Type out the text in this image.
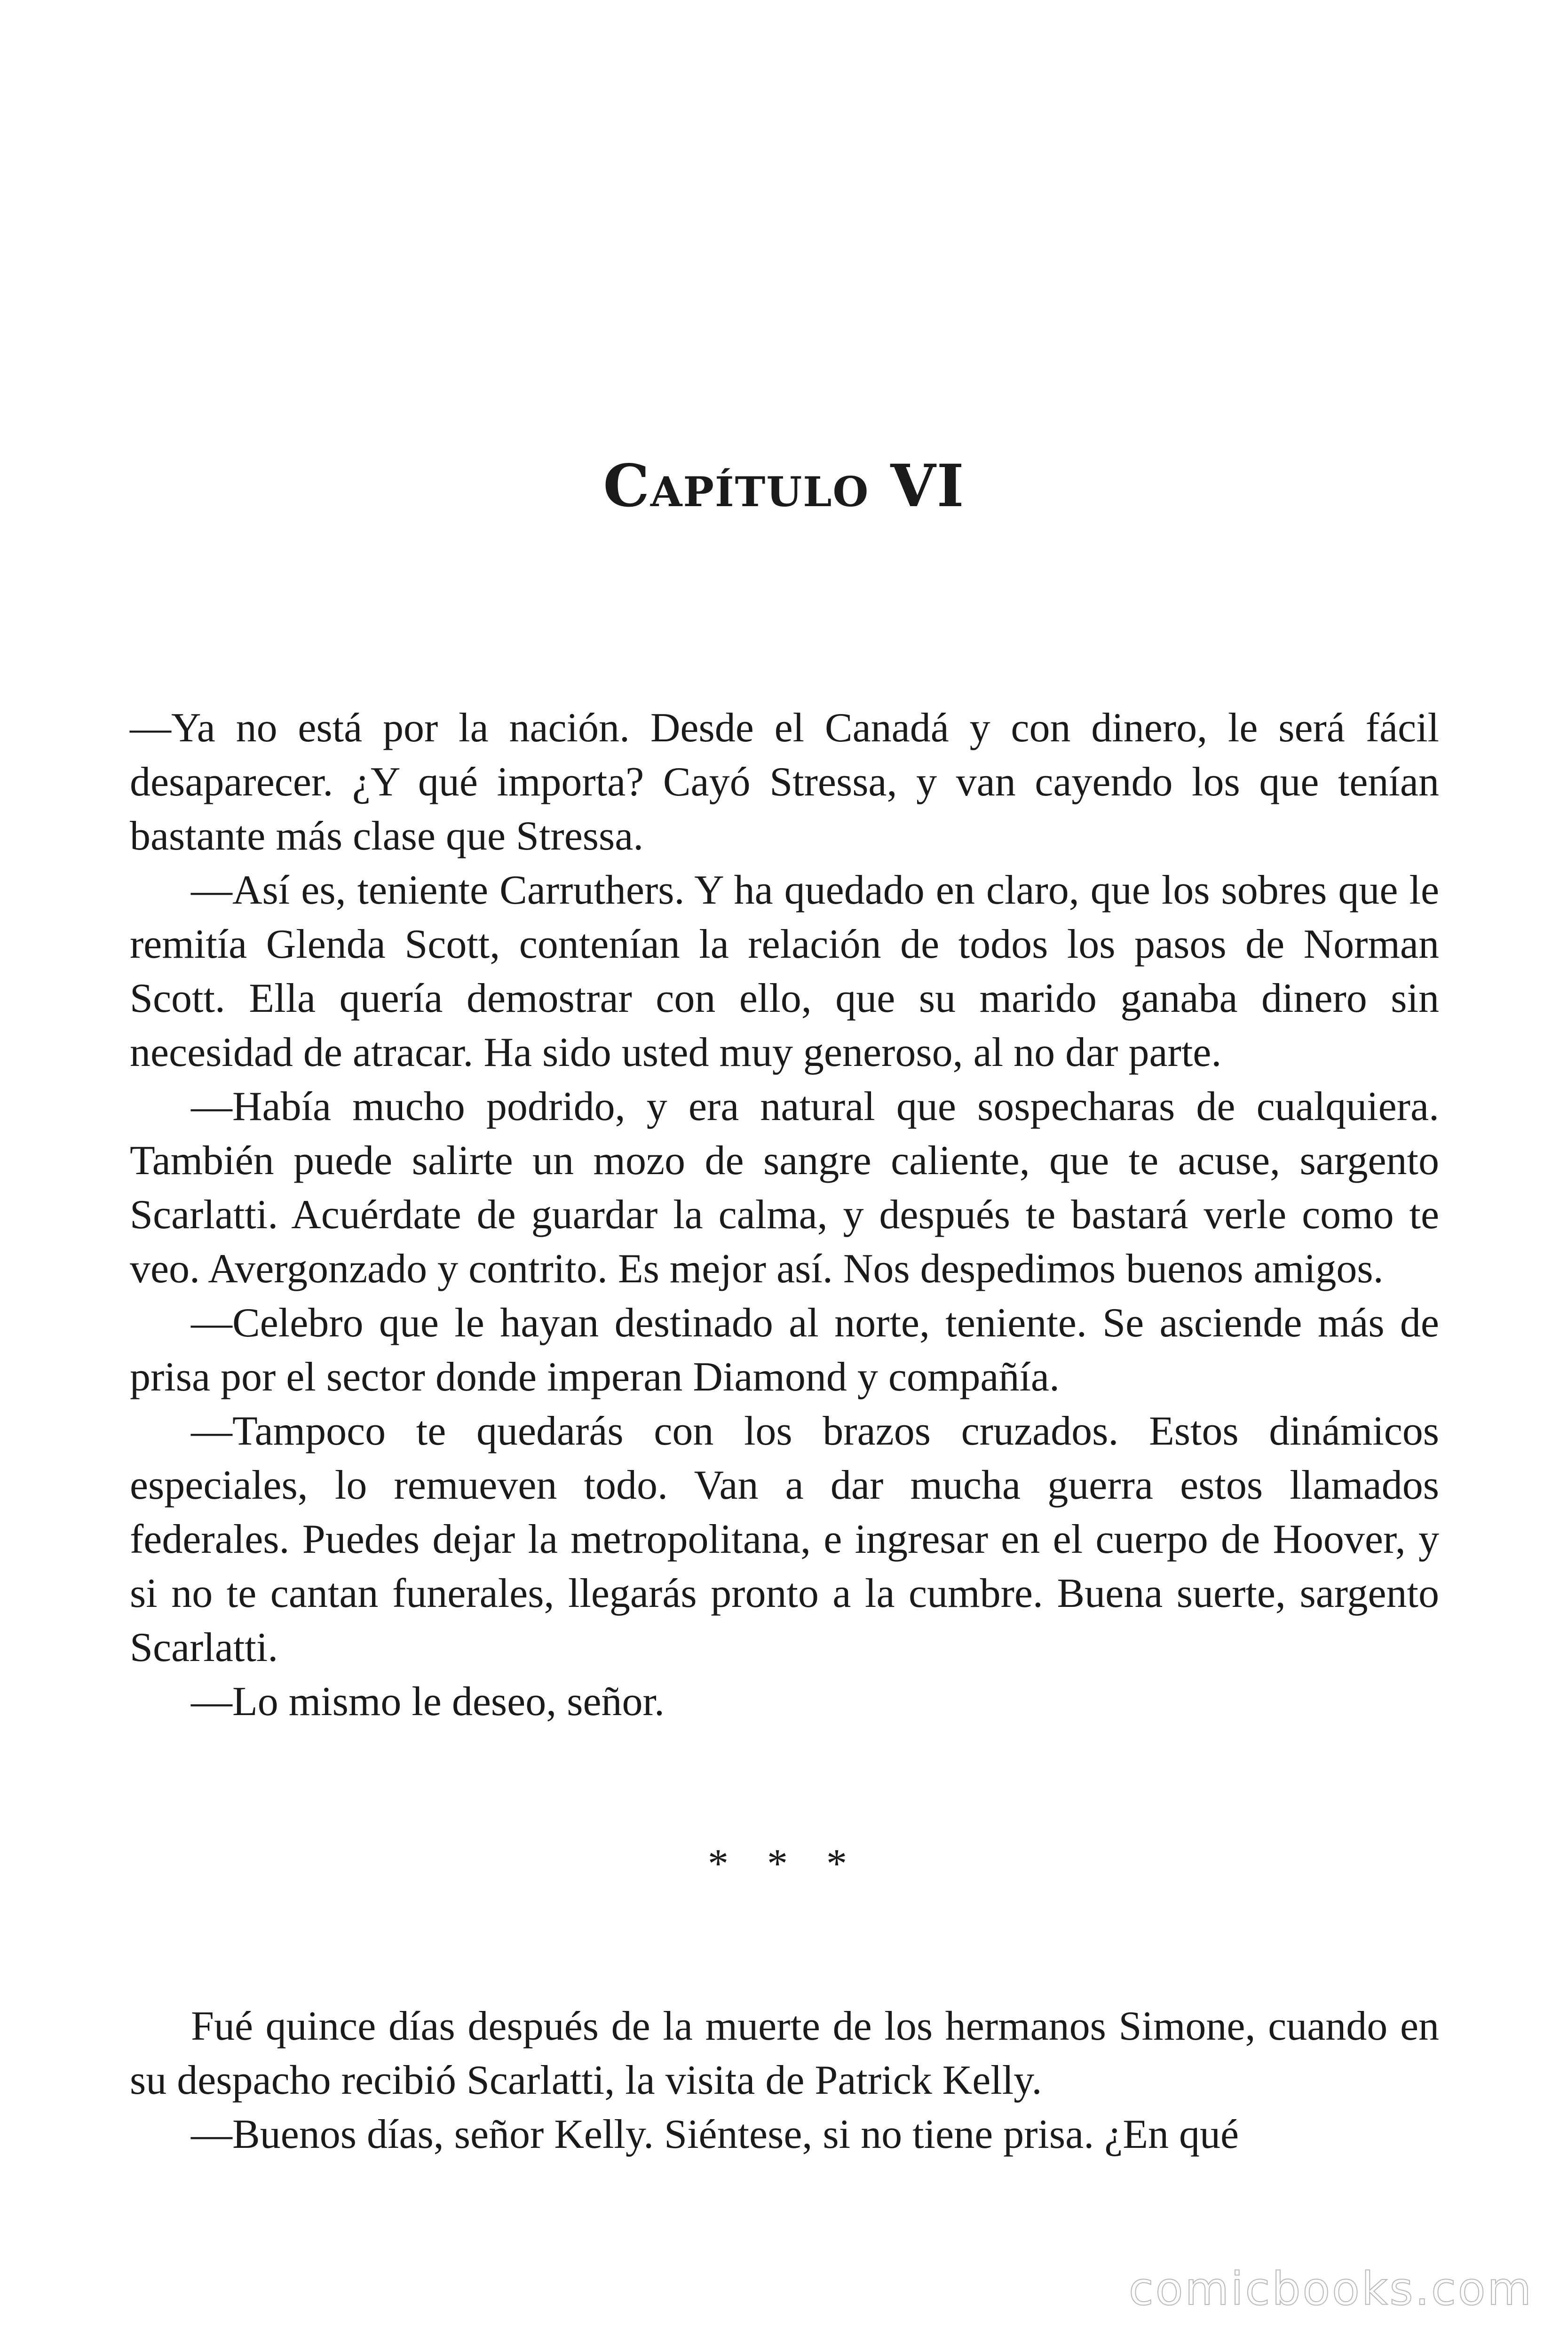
Capítulo VI

—Ya no está por la nación. Desde el Canadá y con dinero, le será fácil desaparecer. ¿Y qué importa? Cayó Stressa, y van cayendo los que tenían bastante más clase que Stressa.

—Así es, teniente Carruthers. Y ha quedado en claro, que los sobres que le remitía Glenda Scott, contenían la relación de todos los pasos de Norman Scott. Ella quería demostrar con ello, que su marido ganaba dinero sin necesidad de atracar. Ha sido usted muy generoso, al no dar parte.

—Había mucho podrido, y era natural que sospecharas de cualquiera. También puede salirte un mozo de sangre caliente, que te acuse, sargento Scarlatti. Acuérdate de guardar la calma, y después te bastará verle como te veo. Avergonzado y contrito. Es mejor así. Nos despedimos buenos amigos.

—Celebro que le hayan destinado al norte, teniente. Se asciende más de prisa por el sector donde imperan Diamond y compañía.

—Tampoco te quedarás con los brazos cruzados. Estos dinámicos especiales, lo remueven todo. Van a dar mucha guerra estos llamados federales. Puedes dejar la metropolitana, e ingresar en el cuerpo de Hoover, y si no te cantan funerales, llegarás pronto a la cumbre. Buena suerte, sargento Scarlatti.

—Lo mismo le deseo, señor.

* * *

Fué quince días después de la muerte de los hermanos Simone, cuando en su despacho recibió Scarlatti, la visita de Patrick Kelly.

—Buenos días, señor Kelly. Siéntese, si no tiene prisa. ¿En qué

comicbooks.com
